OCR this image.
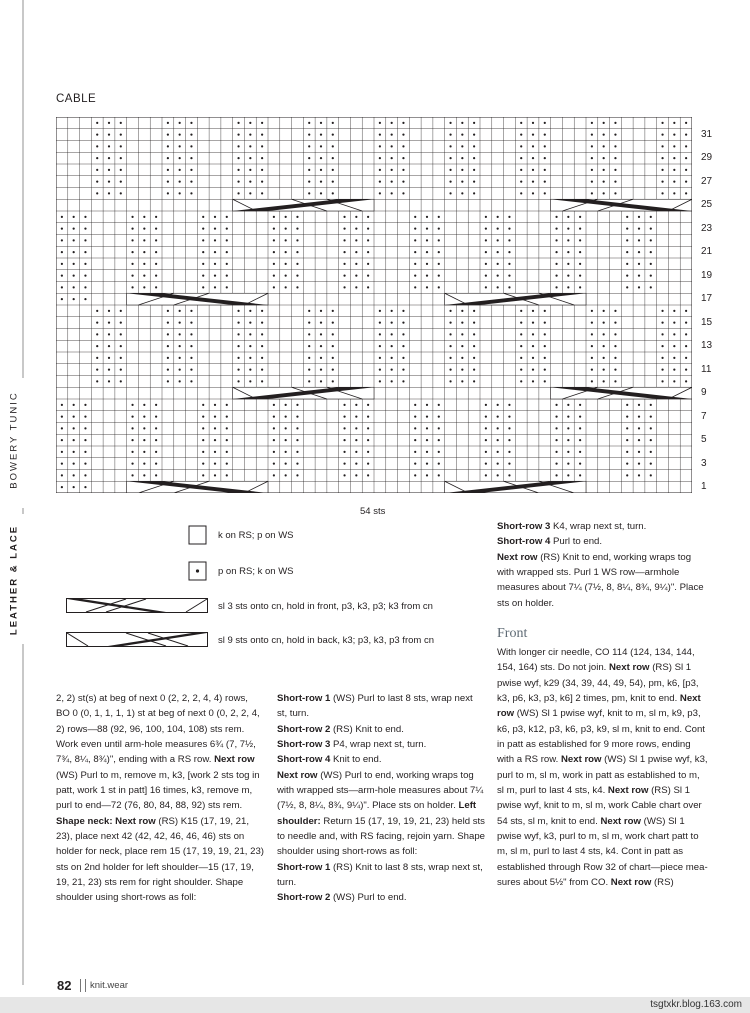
BOWERY TUNIC
LEATHER & LACE
CABLE
31
29
27
25
23
21
19
17
15
13
11
9
7
5
3
1
54 sts
k on RS; p on WS
p on RS; k on WS
sl 3 sts onto cn, hold in front, p3, k3, p3; k3 from cn
sl 9 sts onto cn, hold in back, k3; p3, k3, p3 from cn
2, 2) st(s) at beg of next 0 (2, 2, 2, 4, 4) rows, BO 0 (0, 1, 1, 1, 1) st at beg of next 0 (0, 2, 2, 4, 2) rows—88 (92, 96, 100, 104, 108) sts rem. Work even until arm-hole measures 6¾ (7, 7½, 7¾, 8¼, 8¾)", ending with a RS row. Next row (WS) Purl to m, remove m, k3, [work 2 sts tog in patt, work 1 st in patt] 16 times, k3, remove m, purl to end—72 (76, 80, 84, 88, 92) sts rem. Shape neck: Next row (RS) K15 (17, 19, 21, 23), place next 42 (42, 42, 46, 46, 46) sts on holder for neck, place rem 15 (17, 19, 19, 21, 23) sts on 2nd holder for left shoulder—15 (17, 19, 19, 21, 23) sts rem for right shoulder. Shape shoulder using short-rows as foll:
Short-row 1 (WS) Purl to last 8 sts, wrap next st, turn.
Short-row 2 (RS) Knit to end.
Short-row 3 P4, wrap next st, turn.
Short-row 4 Knit to end.
Next row (WS) Purl to end, working wraps tog with wrapped sts—arm-hole measures about 7¼ (7½, 8, 8¼, 8¾, 9¼)". Place sts on holder. Left shoulder: Return 15 (17, 19, 19, 21, 23) held sts to needle and, with RS facing, rejoin yarn. Shape shoulder using short-rows as foll:
Short-row 1 (RS) Knit to last 8 sts, wrap next st, turn.
Short-row 2 (WS) Purl to end.
Short-row 3 K4, wrap next st, turn.
Short-row 4 Purl to end.
Next row (RS) Knit to end, working wraps tog with wrapped sts. Purl 1 WS row—armhole measures about 7¼ (7½, 8, 8¼, 8¾, 9¼)". Place sts on holder.
Front
With longer cir needle, CO 114 (124, 134, 144, 154, 164) sts. Do not join. Next row (RS) Sl 1 pwise wyf, k29 (34, 39, 44, 49, 54), pm, k6, [p3, k3, p6, k3, p3, k6] 2 times, pm, knit to end. Next row (WS) Sl 1 pwise wyf, knit to m, sl m, k9, p3, k6, p3, k12, p3, k6, p3, k9, sl m, knit to end. Cont in patt as established for 9 more rows, ending with a RS row. Next row (WS) Sl 1 pwise wyf, k3, purl to m, sl m, work in patt as established to m, sl m, purl to last 4 sts, k4. Next row (RS) Sl 1 pwise wyf, knit to m, sl m, work Cable chart over 54 sts, sl m, knit to end. Next row (WS) Sl 1 pwise wyf, k3, purl to m, sl m, work chart patt to m, sl m, purl to last 4 sts, k4. Cont in patt as established through Row 32 of chart—piece mea-sures about 5½" from CO. Next row (RS)
82 knit.wear
tsgtxkr.blog.163.com
